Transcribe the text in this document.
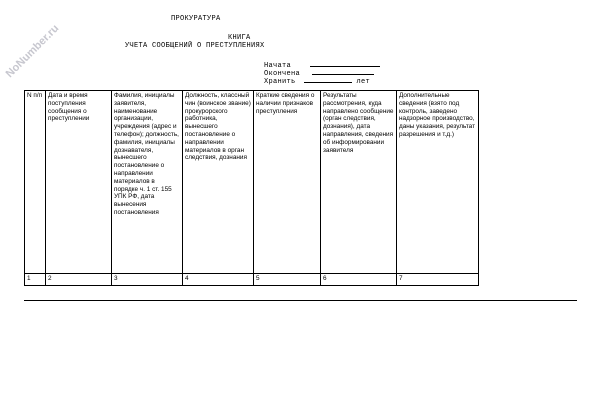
NoNumber.ru
ПРОКУРАТУРА
КНИГА
УЧЕТА СООБЩЕНИЙ О ПРЕСТУПЛЕНИЯХ
Начата
Окончена
Хранить	лет
N п/п	Дата и время поступления сообщения о преступлении	Фамилия, инициалы заявителя, наименование организации, учреждения (адрес и телефон); должность, фамилия, инициалы дознавателя, вынесшего постановление о направлении материалов в порядке ч. 1 ст. 155 УПК РФ, дата вынесения постановления	Должность, классный чин (воинское звание) прокурорского работника, вынесшего постановление о направлении материалов в орган следствия, дознания	Краткие сведения о наличии признаков преступления	Результаты рассмотрения, куда направлено сообщение (орган следствия, дознания), дата направления, сведения об информировании заявителя	Дополнительные сведения (взято под контроль, заведено надзорное производство, даны указания, результат разрешения и т.д.)
1	2	3	4	5	6	7
